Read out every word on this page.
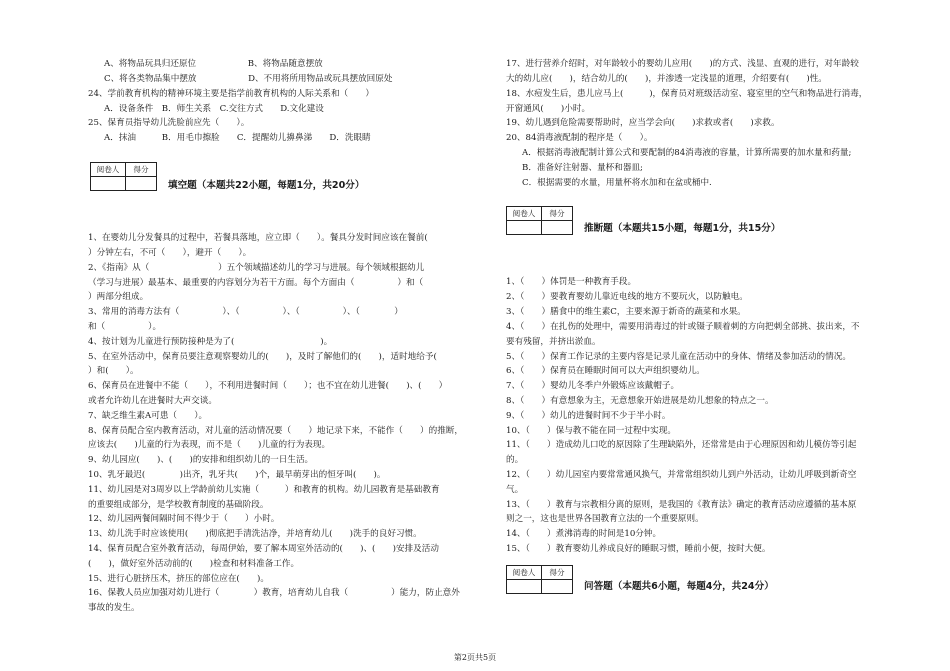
A、将物品玩具归还原位　　　　　　B、将物品随意摆放
C、将各类物品集中摆放　　　　　　D、不用将所用物品或玩具摆放回原处
24、学前教育机构的精神环境主要是指学前教育机构的人际关系和（　　）
A．设备条件　B．师生关系　C.交往方式　　D.文化建设
25、保育员指导幼儿洗脸前应先（　　）。
A．抹油　　　B．用毛巾擦脸　　C．提醒幼儿擤鼻涕　　D．洗眼睛
阅卷人	得分
填空题（本题共22小题，每题1分，共20分）
1、在婴幼儿分发餐具的过程中，若餐具落地，应立即（　　）。餐具分发时间应该在餐前(
）分钟左右，不可（　　），避开（　　）。
2、《指南》从（　　　　　　　　）五个领域描述幼儿的学习与进展。每个领域根据幼儿
（学习与进展）最基本、最重要的内容划分为若干方面。每个方面由（　　　　　）和（
）两部分组成。
3、常用的消毒方法有（　　　　　）、（　　　　　）、（　　　　　）、（　　　　）
和（　　　　　）。
4、按计划为儿童进行预防接种是为了(　　　　　　　　　　)。
5、在室外活动中，保育员要注意观察婴幼儿的(　　)，及时了解他们的(　　)，适时地给予(
）和(　　）。
6、保育员在进餐中不能（　　），不利用进餐时间（　　）；也不宜在幼儿进餐(　　)、(　　）
或者允许幼儿在进餐时大声交谈。
7、缺乏维生素A可患（　　）。
8、保育员配合室内教育活动，对儿童的活动情况要（　　）地记录下来，不能作（　　）的推断，
应该去(　　)儿童的行为表现，而不是（　　)儿童的行为表现。
9、幼儿园应(　　)、(　　)的安排和组织幼儿的一日生活。
10、乳牙最迟(　　　　)出齐，乳牙共(　　)个，最早萌芽出的恒牙叫(　　)。
11、幼儿园是对3周岁以上学龄前幼儿实施（　　　）和教育的机构。幼儿园教育是基础教育
的重要组成部分，是学校教育制度的基础阶段。
12、幼儿园两餐间隔时间不得少于（　　）小时。
13、幼儿洗手时应该使用(　　)彻底把手清洗洁净，并培育幼儿(　　)洗手的良好习惯。
14、保育员配合室外教育活动，每周伊始，要了解本周室外活动的(　　)、(　　)安排及活动
(　　)，做好室外活动前的(　　)检查和材料准备工作。
15、进行心脏挤压术，挤压的部位应在(　　)。
16、保教人员应加强对幼儿进行（　　　　）教育，培育幼儿自我（　　　　　）能力，防止意外
事故的发生。
17、进行营养介绍时，对年龄较小的婴幼儿应用(　　)的方式、浅显、直观的进行，对年龄较
大的幼儿应(　　)，结合幼儿的(　　)，并渗透一定浅显的道理，介绍要有(　　)性。
18、水痘发生后，患儿应马上(　　　)，保育员对班级活动室、寝室里的空气和物品进行消毒，
开窗通风(　　)小时。
19、幼儿遇到危险需要帮助时，应当学会向(　　)求救或者(　　)求救。
20、84消毒液配制的程序是（　　）。
A．根据消毒液配制计算公式和要配制的84消毒液的容量，计算所需要的加水量和药量;
B．准备好注射器、量杯和器皿;
C．根据需要的水量，用量杯将水加和在盆或桶中.
阅卷人	得分
推断题（本题共15小题，每题1分，共15分）
1、（　　）体罚是一种教育手段。
2、（　　）要教育婴幼儿靠近电线的地方不要玩火，以防触电。
3、（　　）膳食中的维生素C，主要来源于新奇的蔬菜和水果。
4、（　　）在扎伤的处理中，需要用消毒过的针或镊子顺着刺的方向把刺全部挑、拔出来，不
要有残留，并挤出淤血。
5、（　　）保育工作记录的主要内容是记录儿童在活动中的身体、情绪及参加活动的情况。
6、（　　）保育员在睡眠时间可以大声组织婴幼儿。
7、（　　）婴幼儿冬季户外锻炼应该戴帽子。
8、（　　）有意想象为主，无意想象开始进展是幼儿想象的特点之一。
9、（　　）幼儿的进餐时间不少于半小时。
10、（　　）保与教不能在同一过程中实现。
11、（　　）造成幼儿口吃的原因除了生理缺陷外，还常常是由于心理原因和幼儿模仿等引起
的。
12、（　　）幼儿园室内要常常通风换气，并常常组织幼儿到户外活动，让幼儿呼吸到新奇空
气。
13、（　　）教育与宗教相分离的原则，是我国的《教育法》确定的教育活动应遵循的基本原
则之一，这也是世界各国教育立法的一个重要原则。
14、（　　）煮沸消毒的时间是10分钟。
15、（　　）教育婴幼儿养成良好的睡眠习惯，睡前小便，按时大便。
阅卷人	得分
问答题（本题共6小题，每题4分，共24分）
第2页共5页
